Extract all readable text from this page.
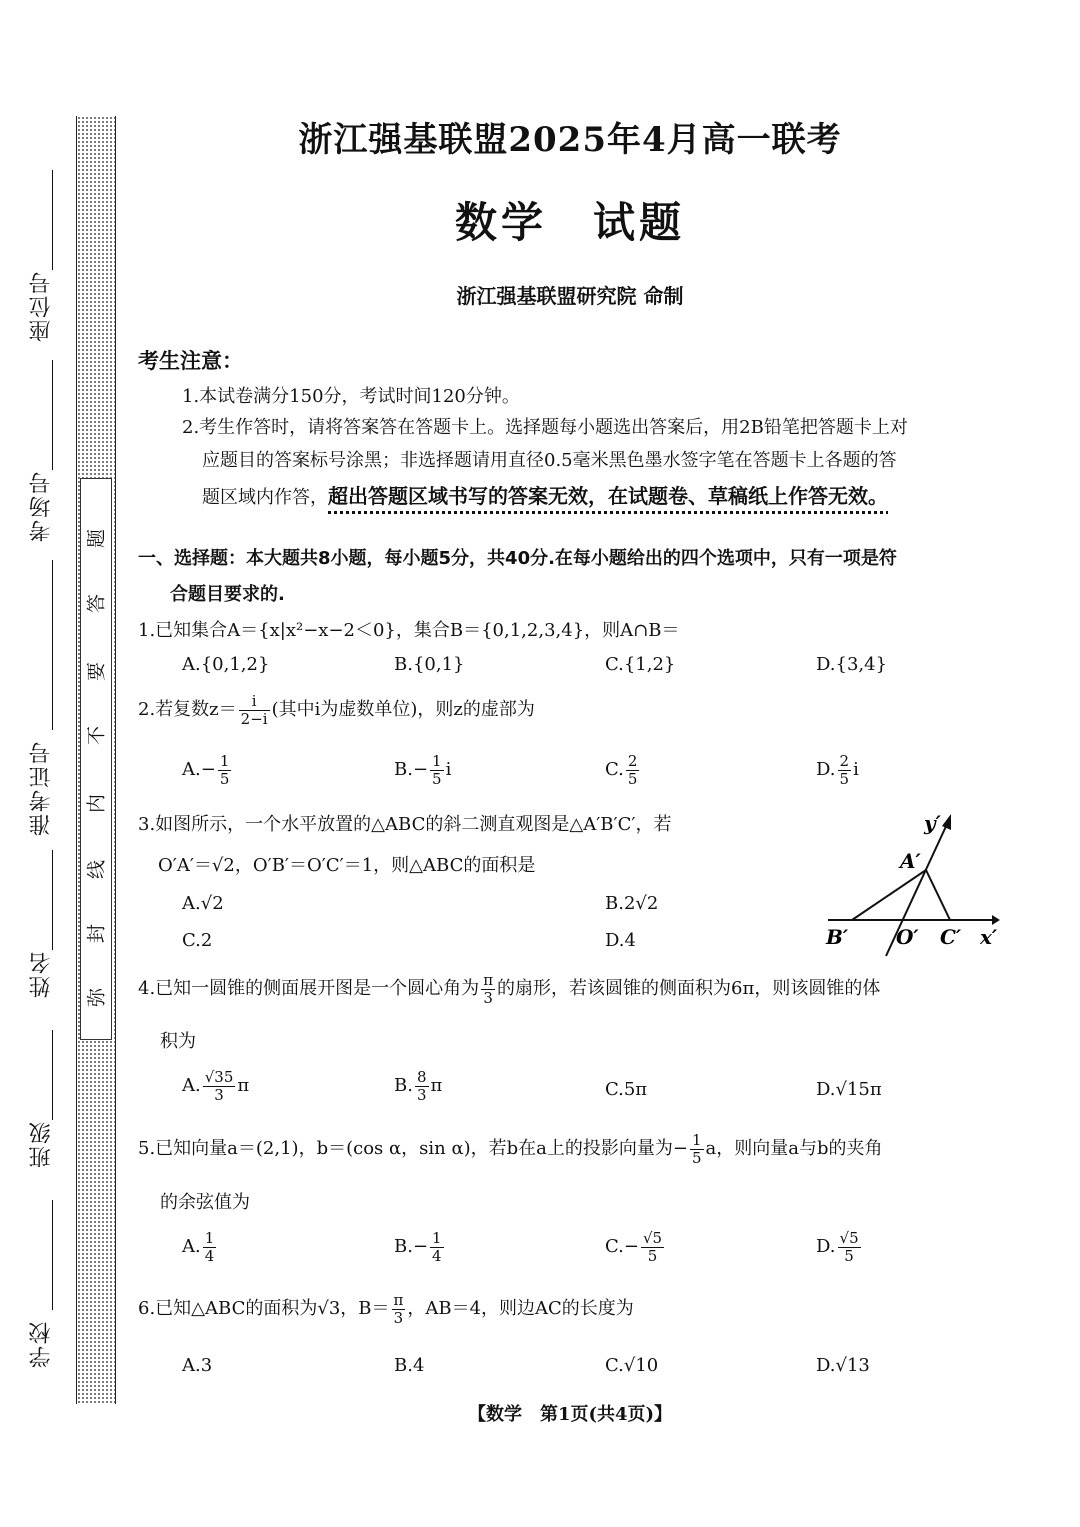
座位号
考场号
准考证号
姓名
班级
学校
题
答
要
不
内
线
封
弥
浙江强基联盟2025年4月高一联考
数学　试题
浙江强基联盟研究院 命制
考生注意：
1.本试卷满分150分，考试时间120分钟。
2.考生作答时，请将答案答在答题卡上。选择题每小题选出答案后，用2B铅笔把答题卡上对
应题目的答案标号涂黑；非选择题请用直径0.5毫米黑色墨水签字笔在答题卡上各题的答
题区域内作答，超出答题区域书写的答案无效，在试题卷、草稿纸上作答无效。
一、选择题：本大题共8小题，每小题5分，共40分.在每小题给出的四个选项中，只有一项是符
合题目要求的.
1.已知集合A＝{x|x²−x−2＜0}，集合B＝{0,1,2,3,4}，则A∩B＝
A.{0,1,2}	B.{0,1}	C.{1,2}	D.{3,4}
2.若复数$z= \frac{i}{2-i}$ (其中i为虚数单位)，则z的虚部为
$A.- \frac{1}{5}$	$B.- \frac{1}{5}$ i	C. $\frac{2}{5}$	D. $\frac{2}{5}$ i
3.如图所示，一个水平放置的△ABC的斜二测直观图是△A′B′C′，若
O′A′＝√2，O′B′＝O′C′＝1，则△ABC的面积是
A.√2	B.2√2
C.2	D.4
y′
A′
B′ O′ C′ x′
4.已知一圆锥的侧面展开图是一个圆心角为 $\frac{\pi}{3}$ 的扇形，若该圆锥的侧面积为6π，则该圆锥的体
积为
A. $\frac{√35}{3}$ π	B. $\frac{8}{3}$ π	C.5π	D.√15π
5.已知向量a＝(2,1)，b＝(cos α，sin α)，若b在a上的投影向量为− $\frac{1}{5}$ a，则向量a与b的夹角
的余弦值为
A. $\frac{1}{4}$	$B.- \frac{1}{4}$	$C.- \frac{√5}{5}$	D. $\frac{√5}{5}$
6.已知△ABC的面积为√3，$B= \frac{\pi}{3}$ ，AB＝4，则边AC的长度为
A.3	B.4	C.√10	D.√13
【数学　第1页(共4页)】
